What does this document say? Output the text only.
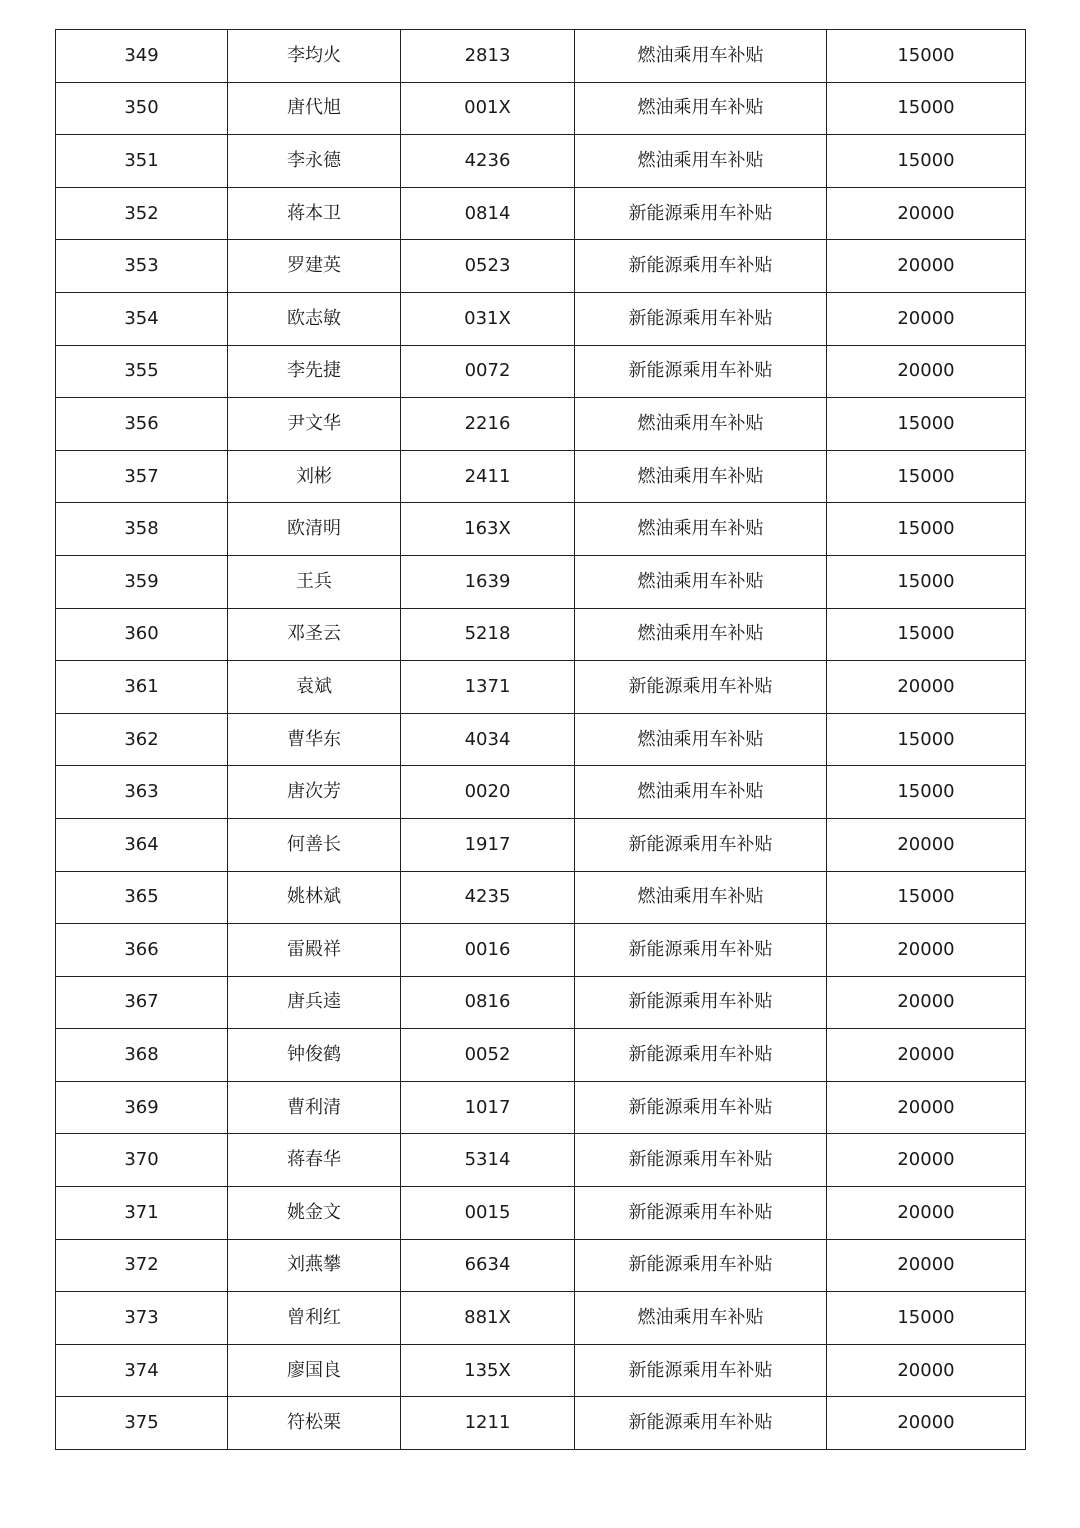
349	李均火	2813	燃油乘用车补贴	15000
350	唐代旭	001X	燃油乘用车补贴	15000
351	李永德	4236	燃油乘用车补贴	15000
352	蒋本卫	0814	新能源乘用车补贴	20000
353	罗建英	0523	新能源乘用车补贴	20000
354	欧志敏	031X	新能源乘用车补贴	20000
355	李先捷	0072	新能源乘用车补贴	20000
356	尹文华	2216	燃油乘用车补贴	15000
357	刘彬	2411	燃油乘用车补贴	15000
358	欧清明	163X	燃油乘用车补贴	15000
359	王兵	1639	燃油乘用车补贴	15000
360	邓圣云	5218	燃油乘用车补贴	15000
361	袁斌	1371	新能源乘用车补贴	20000
362	曹华东	4034	燃油乘用车补贴	15000
363	唐次芳	0020	燃油乘用车补贴	15000
364	何善长	1917	新能源乘用车补贴	20000
365	姚林斌	4235	燃油乘用车补贴	15000
366	雷殿祥	0016	新能源乘用车补贴	20000
367	唐兵逵	0816	新能源乘用车补贴	20000
368	钟俊鹤	0052	新能源乘用车补贴	20000
369	曹利清	1017	新能源乘用车补贴	20000
370	蒋春华	5314	新能源乘用车补贴	20000
371	姚金文	0015	新能源乘用车补贴	20000
372	刘燕攀	6634	新能源乘用车补贴	20000
373	曾利红	881X	燃油乘用车补贴	15000
374	廖国良	135X	新能源乘用车补贴	20000
375	符松栗	1211	新能源乘用车补贴	20000
